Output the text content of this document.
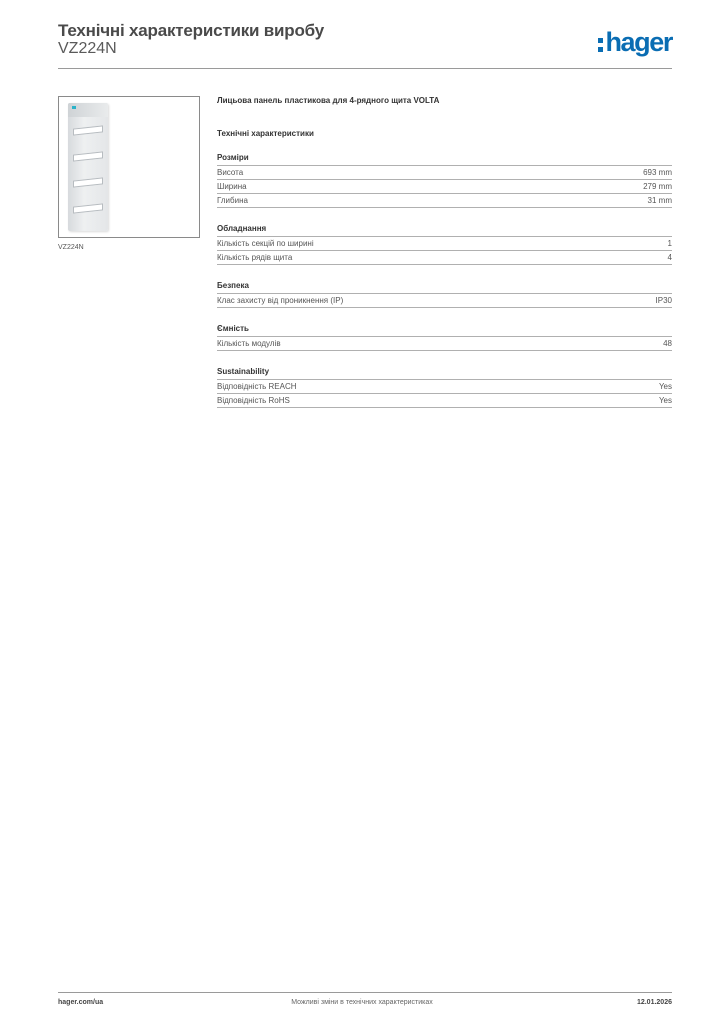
Технічні характеристики виробу
VZ224N	hager
VZ224N

Лицьова панель пластикова для 4-рядного щита VOLTA

Технічні характеристики
Розміри
Висота	693 mm
Ширина	279 mm
Глибина	31 mm
Обладнання
Кількість секцій по ширині	1
Кількість рядів щита	4
Безпека
Клас захисту від проникнення (IP)	IP30
Ємність
Кількість модулів	48
Sustainability
Відповідність REACH	Yes
Відповідність RoHS	Yes
hager.com/ua	Можливі зміни в технічних характеристиках	12.01.2026
